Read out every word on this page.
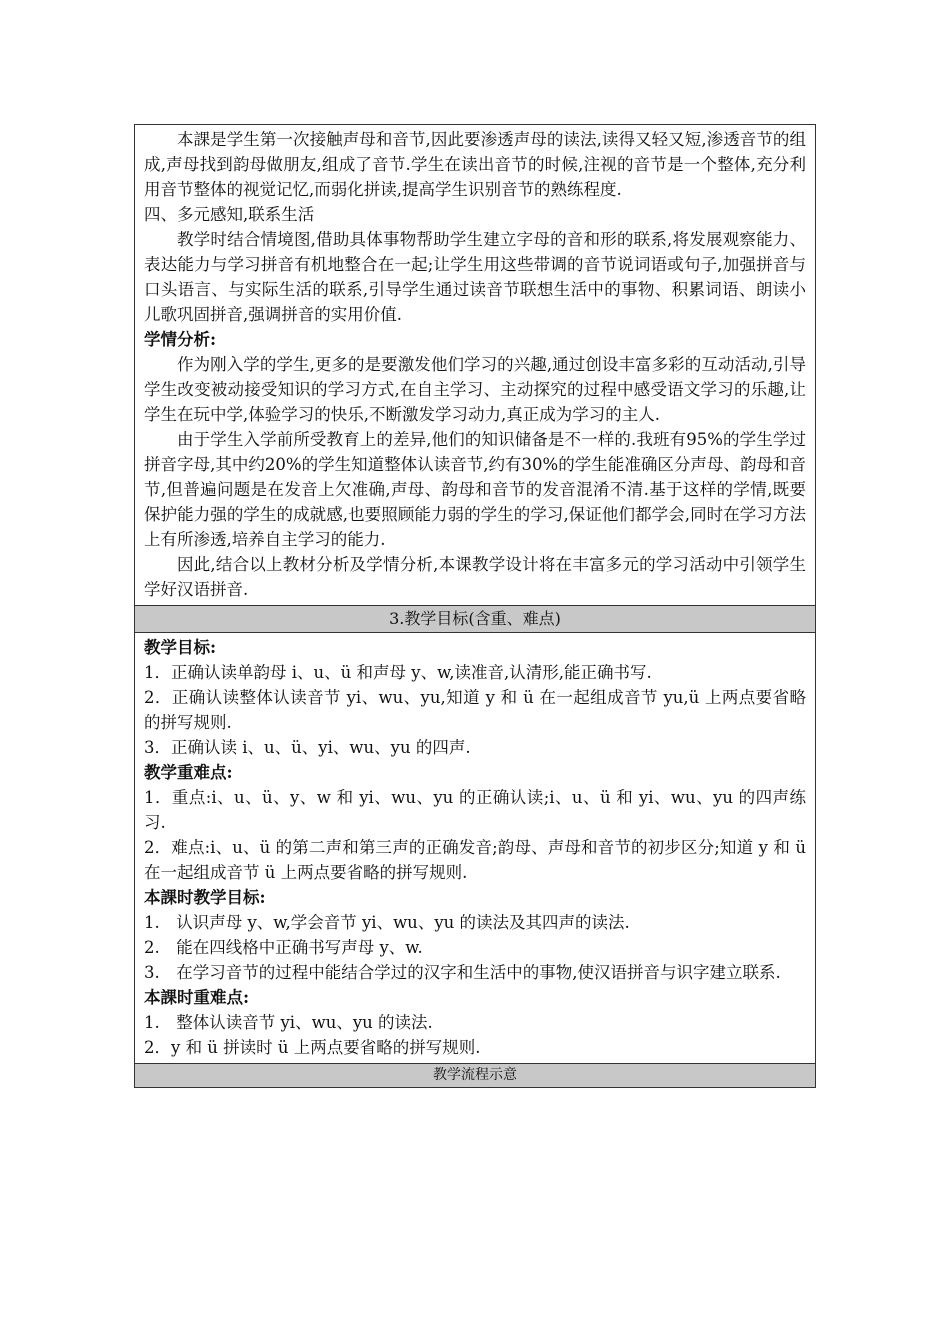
本課是学生第一次接触声母和音节,因此要渗透声母的读法,读得又轻又短,渗透音节的组成,声母找到韵母做朋友,组成了音节.学生在读出音节的时候,注视的音节是一个整体,充分利用音节整体的视觉记忆,而弱化拼读,提高学生识别音节的熟练程度.

四、多元感知,联系生活

教学时结合情境图,借助具体事物帮助学生建立字母的音和形的联系,将发展观察能力、表达能力与学习拼音有机地整合在一起;让学生用这些带调的音节说词语或句子,加强拼音与口头语言、与实际生活的联系,引导学生通过读音节联想生活中的事物、积累词语、朗读小儿歌巩固拼音,强调拼音的实用价值.

学情分析:

作为刚入学的学生,更多的是要激发他们学习的兴趣,通过创设丰富多彩的互动活动,引导学生改变被动接受知识的学习方式,在自主学习、主动探究的过程中感受语文学习的乐趣,让学生在玩中学,体验学习的快乐,不断激发学习动力,真正成为学习的主人.

由于学生入学前所受教育上的差异,他们的知识储备是不一样的.我班有95%的学生学过拼音字母,其中约20%的学生知道整体认读音节,约有30%的学生能准确区分声母、韵母和音节,但普遍问题是在发音上欠准确,声母、韵母和音节的发音混淆不清.基于这样的学情,既要保护能力强的学生的成就感,也要照顾能力弱的学生的学习,保证他们都学会,同时在学习方法上有所渗透,培养自主学习的能力.

因此,结合以上教材分析及学情分析,本课教学设计将在丰富多元的学习活动中引领学生学好汉语拼音.

3.教学目标(含重、难点)

教学目标:

1．正确认读单韵母 i、u、ü 和声母 y、w,读准音,认清形,能正确书写.

2．正确认读整体认读音节 yi、wu、yu,知道 y 和 ü 在一起组成音节 yu,ü 上两点要省略的拼写规则.

3．正确认读 i、u、ü、yi、wu、yu 的四声.

教学重难点:

1．重点:i、u、ü、y、w 和 yi、wu、yu 的正确认读;i、u、ü 和 yi、wu、yu 的四声练习.

2．难点:i、u、ü 的第二声和第三声的正确发音;韵母、声母和音节的初步区分;知道 y 和 ü 在一起组成音节 ü 上两点要省略的拼写规则.

本課时教学目标:

1.　认识声母 y、w,学会音节 yi、wu、yu 的读法及其四声的读法.

2.　能在四线格中正确书写声母 y、w.

3.　在学习音节的过程中能结合学过的汉字和生活中的事物,使汉语拼音与识字建立联系.

本課时重难点:

1.　整体认读音节 yi、wu、yu 的读法.

2．y 和 ü 拼读时 ü 上两点要省略的拼写规则.

教学流程示意
